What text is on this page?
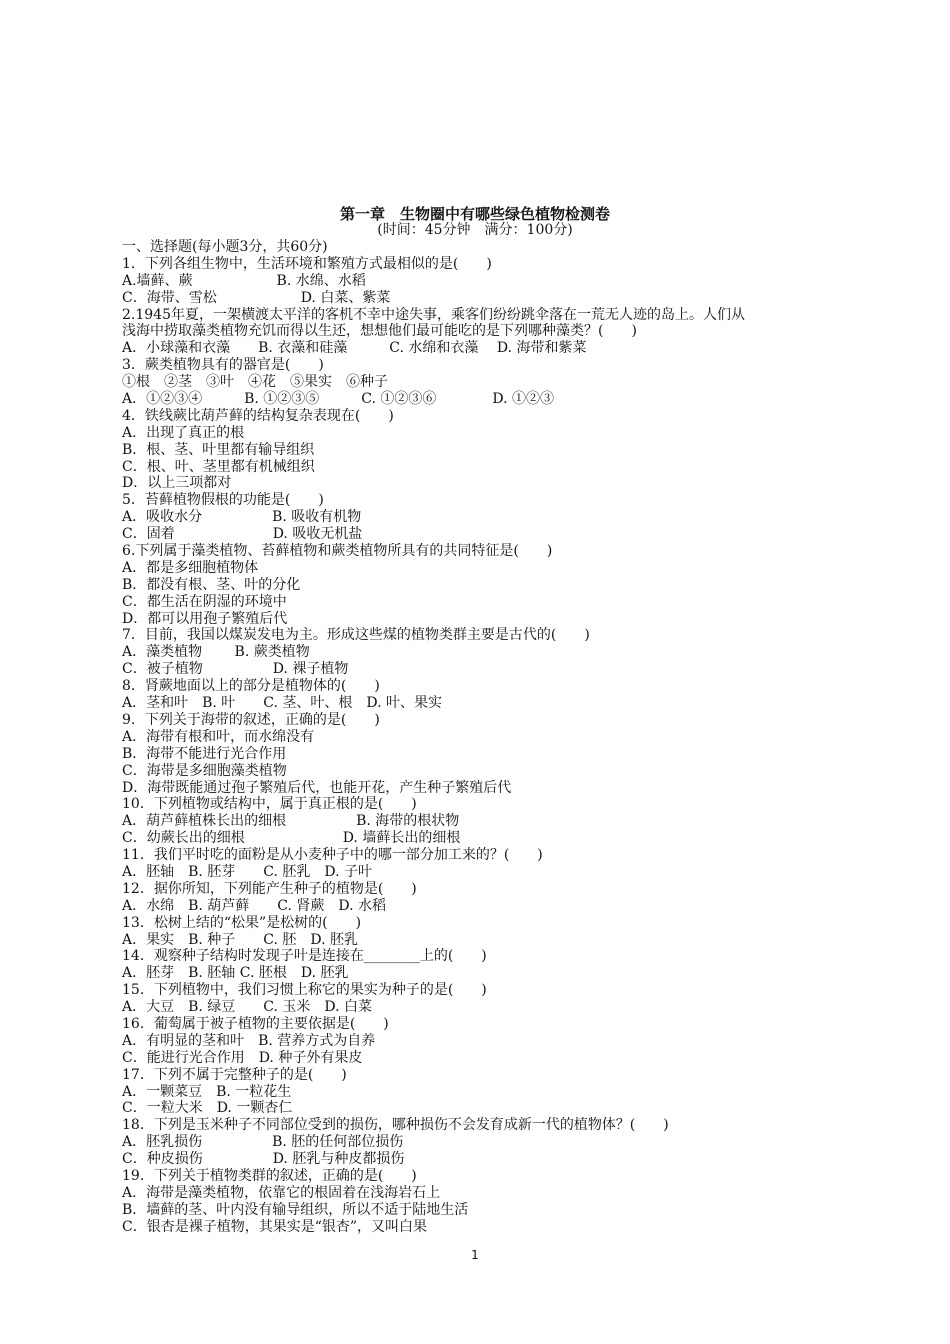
第一章　生物圈中有哪些绿色植物检测卷
(时间：45分钟　满分：100分)
一、选择题(每小题3分，共60分)
1．下列各组生物中，生活环境和繁殖方式最相似的是(　　)
A.墙藓、蕨　　　　　　B. 水绵、水稻
C．海带、雪松　　　　　　D. 白菜、紫菜
2.1945年夏，一架横渡太平洋的客机不幸中途失事，乘客们纷纷跳伞落在一荒无人迹的岛上。人们从
浅海中捞取藻类植物充饥而得以生还，想想他们最可能吃的是下列哪种藻类？(　　)
A．小球藻和衣藻　　B. 衣藻和硅藻　　　C. 水绵和衣藻　 D. 海带和紫菜
3．蕨类植物具有的器官是(　　)
①根　②茎　③叶　④花　⑤果实　⑥种子
A．①②③④　　　B. ①②③⑤　　　C. ①②③⑥　　　　D. ①②③
4．铁线蕨比葫芦藓的结构复杂表现在(　　)
A．出现了真正的根
B．根、茎、叶里都有输导组织
C．根、叶、茎里都有机械组织
D．以上三项都对
5．苔藓植物假根的功能是(　　)
A．吸收水分　　　　　B. 吸收有机物
C．固着　　　　　　　D. 吸收无机盐
6.下列属于藻类植物、苔藓植物和蕨类植物所具有的共同特征是(　　)
A．都是多细胞植物体
B．都没有根、茎、叶的分化
C．都生活在阴湿的环境中
D．都可以用孢子繁殖后代
7．目前，我国以煤炭发电为主。形成这些煤的植物类群主要是古代的(　　)
A．藻类植物　　 B. 蕨类植物
C．被子植物　　　　　D. 裸子植物
8．肾蕨地面以上的部分是植物体的(　　)
A．茎和叶　B. 叶　　C. 茎、叶、根　D. 叶、果实
9．下列关于海带的叙述，正确的是(　　)
A．海带有根和叶，而水绵没有
B．海带不能进行光合作用
C．海带是多细胞藻类植物
D．海带既能通过孢子繁殖后代，也能开花，产生种子繁殖后代
10．下列植物或结构中，属于真正根的是(　　)
A．葫芦藓植株长出的细根　　　　　B. 海带的根状物
C．幼蕨长出的细根　　　　　　　D. 墙藓长出的细根
11．我们平时吃的面粉是从小麦种子中的哪一部分加工来的？(　　)
A．胚轴　B. 胚芽　　C. 胚乳　D. 子叶
12．据你所知，下列能产生种子的植物是(　　)
A．水绵　B. 葫芦藓　　C. 肾蕨　D. 水稻
13．松树上结的“松果”是松树的(　　)
A．果实　B. 种子　　C. 胚　D. 胚乳
14．观察种子结构时发现子叶是连接在________上的(　　)
A．胚芽　B. 胚轴 C. 胚根　D. 胚乳
15．下列植物中，我们习惯上称它的果实为种子的是(　　)
A．大豆　B. 绿豆　　C. 玉米　D. 白菜
16．葡萄属于被子植物的主要依据是(　　)
A．有明显的茎和叶　B. 营养方式为自养
C．能进行光合作用　D. 种子外有果皮
17．下列不属于完整种子的是(　　)
A．一颗菜豆　B. 一粒花生
C．一粒大米　D. 一颗杏仁
18．下列是玉米种子不同部位受到的损伤，哪种损伤不会发育成新一代的植物体？(　　)
A．胚乳损伤　　　　　B. 胚的任何部位损伤
C．种皮损伤　　　　　D. 胚乳与种皮都损伤
19．下列关于植物类群的叙述，正确的是(　　)
A．海带是藻类植物，依靠它的根固着在浅海岩石上
B．墙藓的茎、叶内没有输导组织，所以不适于陆地生活
C．银杏是裸子植物，其果实是“银杏”，又叫白果
1
